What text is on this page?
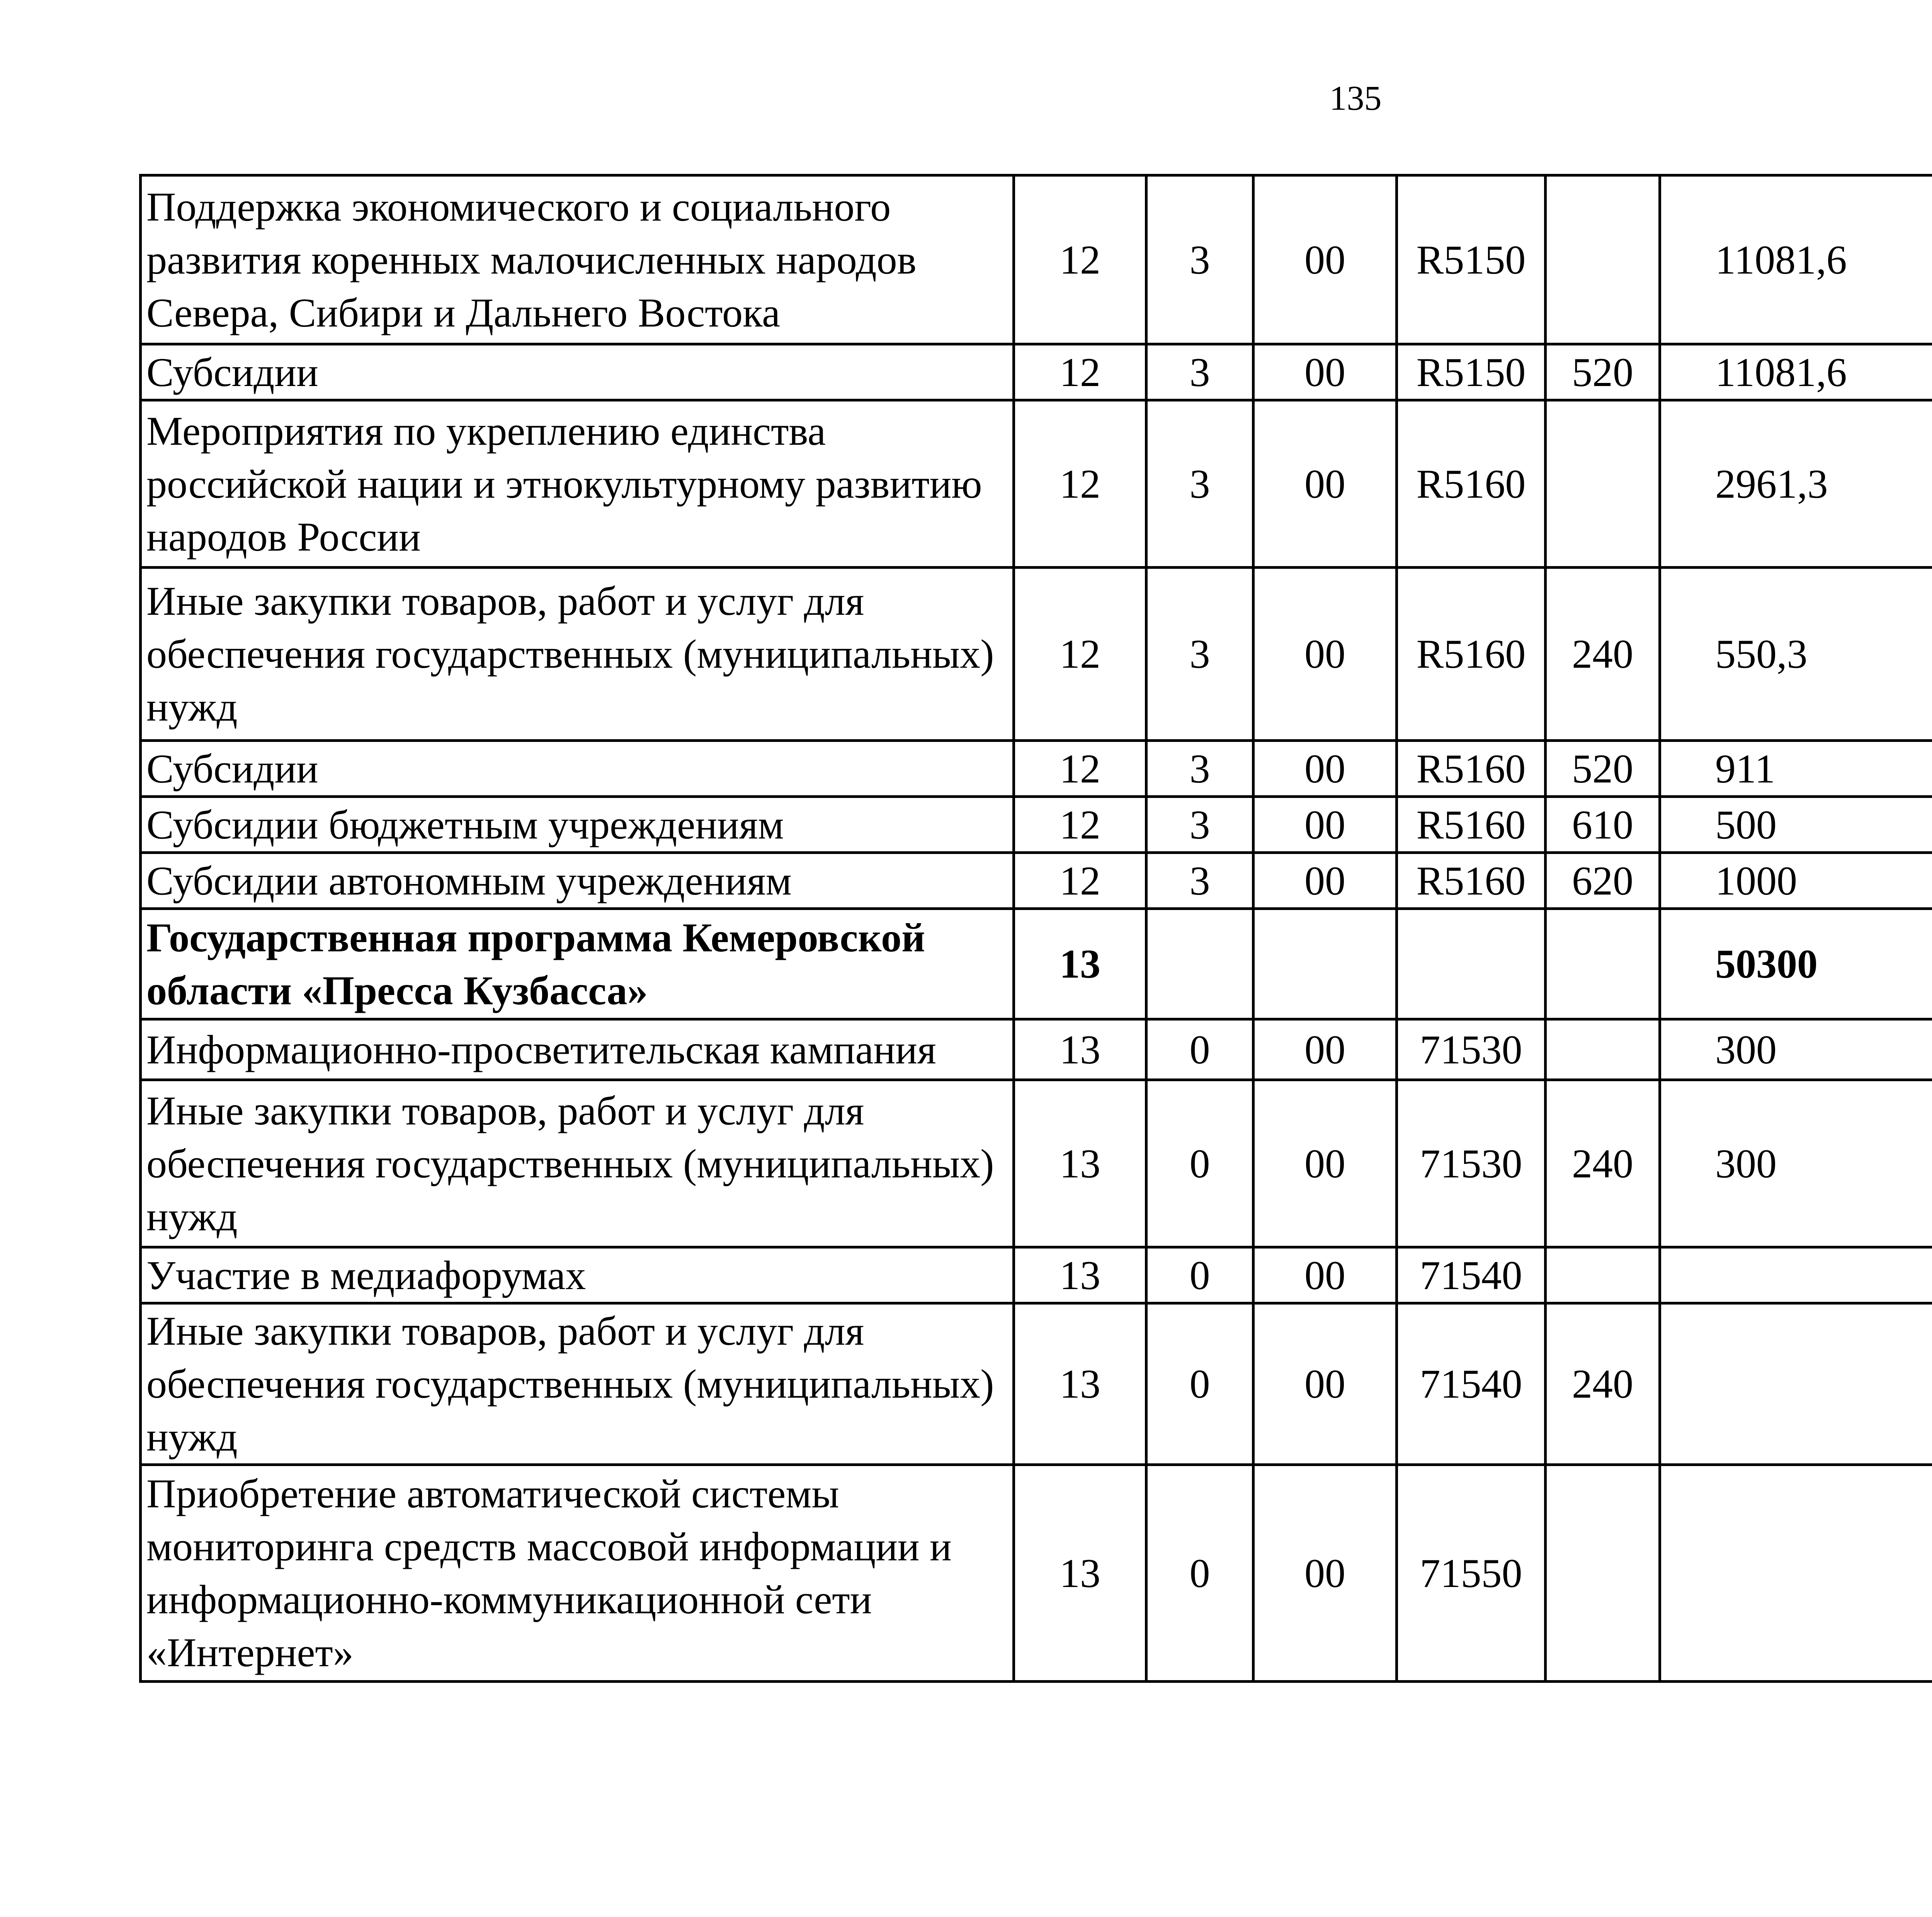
135
Поддержка экономического и социального развития коренных малочисленных народов Севера, Сибири и Дальнего Востока	12	3	00	R5150		11081,6		
Субсидии	12	3	00	R5150	520	11081,6		
Мероприятия по укреплению единства российской нации и этнокультурному развитию народов России	12	3	00	R5160		2961,3		
Иные закупки товаров, работ и услуг для обеспечения государственных (муниципальных) нужд	12	3	00	R5160	240	550,3		
Субсидии	12	3	00	R5160	520	911		
Субсидии бюджетным учреждениям	12	3	00	R5160	610	500		
Субсидии автономным учреждениям	12	3	00	R5160	620	1000		
Государственная программа Кемеровской области «Пресса Кузбасса»	13					50300		
Информационно-просветительская кампания	13	0	00	71530		300		
Иные закупки товаров, работ и услуг для обеспечения государственных (муниципальных) нужд	13	0	00	71530	240	300		
Участие в медиафорумах	13	0	00	71540				
Иные закупки товаров, работ и услуг для обеспечения государственных (муниципальных) нужд	13	0	00	71540	240			
Приобретение автоматической системы мониторинга средств массовой информации и информационно-коммуникационной сети «Интернет»	13	0	00	71550				
